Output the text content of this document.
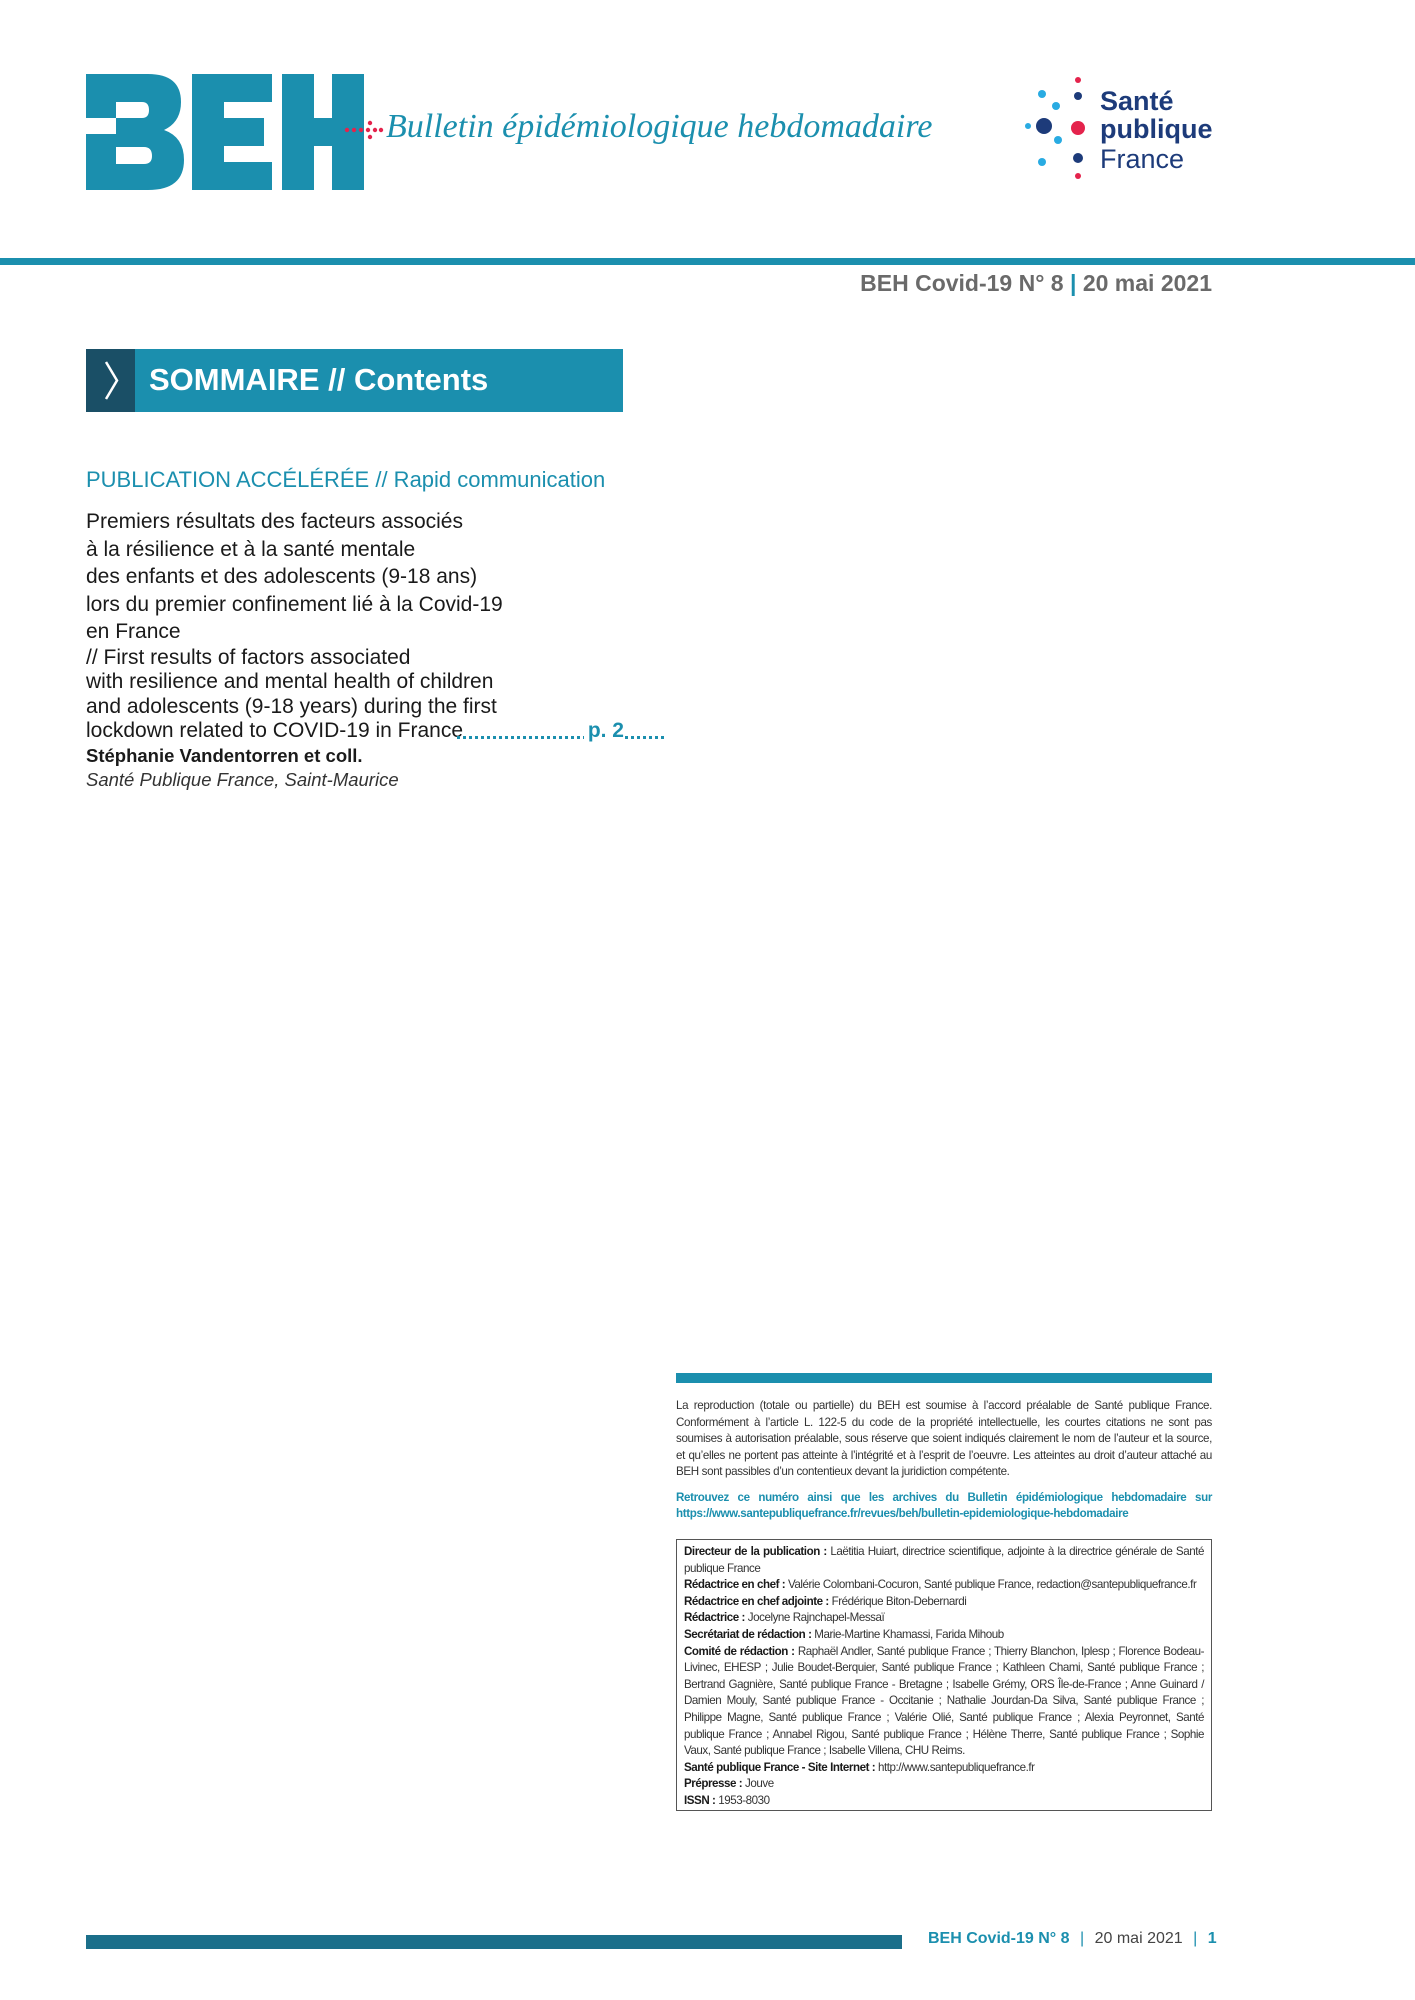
Bulletin épidémiologique hebdomadaire
Santé
publique
France
BEH Covid-19 N° 8 | 20 mai 2021
SOMMAIRE // Contents
PUBLICATION ACCÉLÉRÉE // Rapid communication
Premiers résultats des facteurs associés
à la résilience et à la santé mentale
des enfants et des adolescents (9-18 ans)
lors du premier confinement lié à la Covid-19
en France
// First results of factors associated
with resilience and mental health of children
and adolescents (9-18 years) during the first
lockdown related to COVID-19 in France	p. 2
Stéphanie Vandentorren et coll.
Santé Publique France, Saint-Maurice
La reproduction (totale ou partielle) du BEH est soumise à l’accord préalable de Santé publique France. Conformément à l’article L. 122-5 du code de la propriété intellectuelle, les courtes citations ne sont pas soumises à autorisation préalable, sous réserve que soient indiqués clairement le nom de l’auteur et la source, et qu’elles ne portent pas atteinte à l’intégrité et à l’esprit de l’oeuvre. Les atteintes au droit d’auteur attaché au BEH sont passibles d’un contentieux devant la juridiction compétente.
Retrouvez ce numéro ainsi que les archives du Bulletin épidémiologique hebdomadaire sur https://www.santepubliquefrance.fr/revues/beh/bulletin-epidemiologique-hebdomadaire
Directeur de la publication : Laëtitia Huiart, directrice scientifique, adjointe à la directrice générale de Santé publique France
Rédactrice en chef : Valérie Colombani-Cocuron, Santé publique France, redaction@santepubliquefrance.fr
Rédactrice en chef adjointe : Frédérique Biton-Debernardi
Rédactrice : Jocelyne Rajnchapel-Messaï
Secrétariat de rédaction : Marie-Martine Khamassi, Farida Mihoub
Comité de rédaction : Raphaël Andler, Santé publique France ; Thierry Blanchon, Iplesp ; Florence Bodeau-Livinec, EHESP ; Julie Boudet-Berquier, Santé publique France ; Kathleen Chami, Santé publique France ; Bertrand Gagnière, Santé publique France - Bretagne ; Isabelle Grémy, ORS Île-de-France ; Anne Guinard / Damien Mouly, Santé publique France - Occitanie ; Nathalie Jourdan-Da Silva, Santé publique France ; Philippe Magne, Santé publique France ; Valérie Olié, Santé publique France ; Alexia Peyronnet, Santé publique France ; Annabel Rigou, Santé publique France ; Hélène Therre, Santé publique France ; Sophie Vaux, Santé publique France ; Isabelle Villena, CHU Reims.
Santé publique France - Site Internet : http://www.santepubliquefrance.fr
Prépresse : Jouve
ISSN : 1953-8030
BEH Covid-19 N° 8 | 20 mai 2021 | 1
